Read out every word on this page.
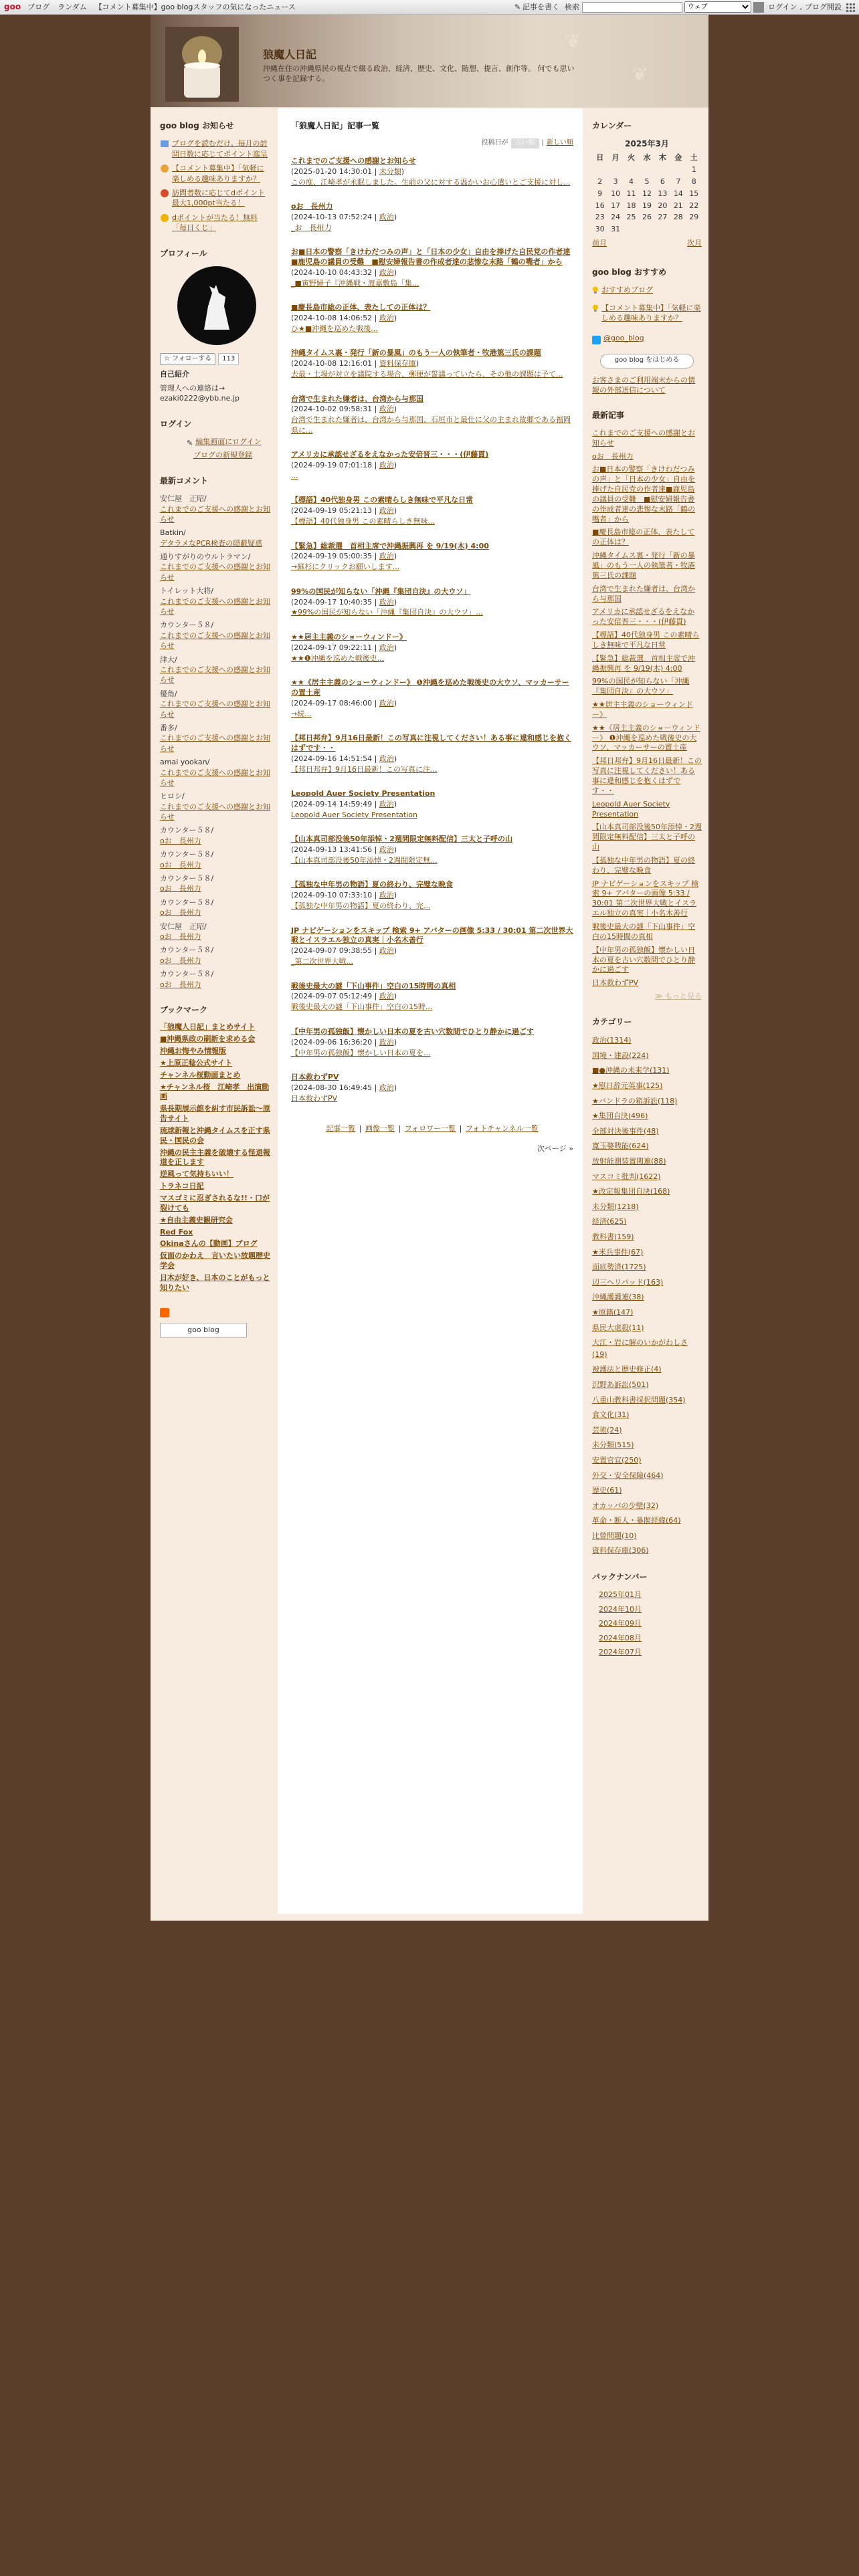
goo ブログ ランダム 【コメント募集中】goo blogスタッフの気になったニュース	✎ 記事を書く 検索
ウェブ	ログイン , ブログ開設
❦
❦
狼魔人日記
沖縄在住の沖縄県民の視点で綴る政治、経済、歴史、文化、随想、提言、創作等。 何でも思いつく事を記録する。
goo blog お知らせ
ブログを読むだけ。毎月の訪問日数に応じてポイント進呈
【コメント募集中】「気軽に楽しめる趣味ありますか？
訪問者数に応じてdポイント最大1,000pt当たる！
dポイントが当たる！無料「毎日くじ」
プロフィール
☆ フォローする	113
自己紹介
管理人への連絡は→ ezaki0222@ybb.ne.jp
ログイン
✎ 編集画面にログイン
ブログの新規登録
最新コメント
安仁屋　正昭/
これまでのご支援への感謝とお知らせ
Batkin/
デタラメなPCR検査の隠蔽疑惑
通りすがりのウルトラマン/
これまでのご支援への感謝とお知らせ
トイレット大将/
これまでのご支援への感謝とお知らせ
カウンター５８/
これまでのご支援への感謝とお知らせ
津大/
これまでのご支援への感謝とお知らせ
優角/
これまでのご支援への感謝とお知らせ
番多/
これまでのご支援への感謝とお知らせ
amai yookan/
これまでのご支援への感謝とお知らせ
ヒロシ/
これまでのご支援への感謝とお知らせ
カウンター５８/
oお　長州力
カウンター５８/
oお　長州力
カウンター５８/
oお　長州力
カウンター５８/
oお　長州力
安仁屋　正昭/
oお　長州力
カウンター５８/
oお　長州力
カウンター５８/
oお　長州力
ブックマーク
「狼魔人日記」まとめサイト
■沖縄県政の刷新を求める会
沖縄お悔やみ情報版
★上原正稔公式サイト
チャンネル桜動画まとめ
★チャンネル桜　江崎孝　出演動画
県長期展示館を糾す市民訴訟～原告サイト
琉球新報と沖縄タイムスを正す県民・国民の会
沖縄の民主主義を破壊する怪退報道を正します
逆風って気持ちいい！
トラネコ日記
マスゴミに忍ぎされるな!!・口が裂けても
★自由主義史観研究会
Red Fox
Okinaさんの【動画】ブログ
仮面のかわえ　言いたい放題歴史学会
日本が好き、日本のことがもっと知りたい
goo blog
「狼魔人日記」記事一覧
投稿日が	古い順	| 新しい順
これまでのご支援への感謝とお知らせ
(2025-01-20 14:30:01 | 未分類)
この度、江崎孝が永眠しました。生前の父に対する温かいお心遣いとご支援に対し...
oお　長州力
(2024-10-13 07:52:24 | 政治)
_お　長州力
お■日本の警察「きけわだつみの声」と「日本の少女」自由を捧げた自民党の作者達■鹿児島の議員の受難　■慰安婦報告書の作成者達の悲惨な末路「鶴の嘴者」から
(2024-10-10 04:43:32 | 政治)
_■寅野婦子『沖縄戦・渡嘉敷島「集...
■慶長島市総の正体、表たしての正体は？
(2024-10-08 14:06:52 | 政治)
ひ★■沖縄を巡めた戦後...
沖縄タイムス裏・発行「新の暴風」のもう一人の執筆者・牧港篤三氏の課題
(2024-10-08 12:16:01 | 資料保存庫)
去最・土場が対立を議院する場合、郵便が誓議っていたら、その他の課題は予て...
台湾で生まれた嫌者は、台湾から与那国
(2024-10-02 09:58:31 | 政治)
台湾で生まれた嫌者は、台湾から与那国、石垣市と最仕に父の主まれ故郷である福岡県に...
アメリカに承認せざるをえなかった安倍晋三・・・(伊藤貫)
(2024-09-19 07:01:18 | 政治)
...
【標語】40代独身男 この素晴らしき無味で平凡な日常
(2024-09-19 05:21:13 | 政治)
【標語】40代独身男 この素晴らしき無味...
【緊急】総裁選　首相主席で沖縄振興再 を 9/19(木) 4:00
(2024-09-19 05:00:35 | 政治)
→蘇杉にクリックお願いします...
99%の国民が知らない「沖縄『集団自決』の大ウソ」
(2024-09-17 10:40:35 | 政治)
★99%の国民が知らない「沖縄『集団自決』の大ウソ」...
★★居主主義のショーウィンドー》
(2024-09-17 09:22:11 | 政治)
★★❶沖縄を巡めた戦後史...
★★《居主主義のショーウィンドー》 ❶沖縄を巡めた戦後史の大ウソ、マッカーサーの置土産
(2024-09-17 08:46:00 | 政治)
→続...
【邦日邦弁】9月16日最新！この写真に注視してください！ある事に違和感じを抱くはずです・・
(2024-09-16 14:51:54 | 政治)
【邦日邦弁】9月16日最新！この写真に注...
Leopold Auer Society Presentation
(2024-09-14 14:59:49 | 政治)
Leopold Auer Society Presentation
【山本真司部没後50年添悼・2週間限定無料配信】三太と子呼の山
(2024-09-13 13:41:56 | 政治)
【山本真司部没後50年添悼・2週間限定無...
【孤独な中年男の物語】夏の終わり、完璧な晩食
(2024-09-10 07:33:10 | 政治)
【孤独な中年男の物語】夏の終わり、完...
JP ナビゲーションをスキップ 検索 9+ アバターの画像 5:33 / 30:01 第二次世界大戦とイスラエル独立の真実｜小名木善行
(2024-09-07 09:38:55 | 政治)
_第二次世界大戦...
戦後史最大の謎「下山事件」空白の15時間の真相
(2024-09-07 05:12:49 | 政治)
戦後史最大の謎「下山事件」空白の15時...
【中年男の孤独飯】懐かしい日本の夏を古い穴数間でひとり静かに過ごす
(2024-09-06 16:36:20 | 政治)
【中年男の孤独飯】懐かしい日本の夏を...
日本救わずPV
(2024-08-30 16:49:45 | 政治)
日本救わずPV
記事一覧 | 画像一覧 | フォロワー一覧 | フォトチャンネル一覧
次ページ »
カレンダー
2025年3月
日	月	火	水	木	金	土
						1
2	3	4	5	6	7	8
9	10	11	12	13	14	15
16	17	18	19	20	21	22
23	24	25	26	27	28	29
30	31					
前月	次月
goo blog おすすめ
おすすめブログ
【コメント募集中】「気軽に楽しめる趣味ありますか？
@goo_blog
goo blog をはじめる
お客さまのご利用端末からの情報の外部送信について
最新記事
これまでのご支援への感謝とお知らせ
oお　長州力
お■日本の警察「きけわだつみの声」と「日本の少女」自由を捧げた自民党の作者達■鹿児島の議員の受難　■慰安婦報告書の作成者達の悲惨な末路「鶴の嘴者」から
■慶長島市総の正体、表たしての正体は？
沖縄タイムス裏・発行「新の暴風」のもう一人の執筆者・牧港篤三氏の課題
台湾で生まれた嫌者は、台湾から与那国
アメリカに承認せざるをえなかった安倍晋三・・・(伊藤貫)
【標語】40代独身男 この素晴らしき無味で平凡な日常
【緊急】総裁選　首相主席で沖縄振興再 を 9/19(木) 4:00
99%の国民が知らない「沖縄『集団自決』の大ウソ」
★★居主主義のショーウィンドー》
★★《居主主義のショーウィンドー》 ❶沖縄を巡めた戦後史の大ウソ、マッカーサーの置土産
【邦日邦弁】9月16日最新！この写真に注視してください！ある事に違和感じを抱くはずです・・
Leopold Auer Society Presentation
【山本真司部没後50年添悼・2週間限定無料配信】三太と子呼の山
【孤独な中年男の物語】夏の終わり、完璧な晩食
JP ナビゲーションをスキップ 検索 9+ アバターの画像 5:33 / 30:01 第二次世界大戦とイスラエル独立の真実｜小名木善行
戦後史最大の謎「下山事件」空白の15時間の真相
【中年男の孤独飯】懐かしい日本の夏を古い穴数間でひとり静かに過ごす
日本救わずPV
≫ もっと見る
カテゴリー
政治(1314)
国境・建設(224)
■●沖縄の未来学(131)
★慰日辞元英事(125)
★バンドラの箱訴訟(118)
★集団自決(496)
全部対決後事件(48)
寛玉婆賎能(624)
放射能測装置関連(88)
マスコミ批判(1622)
★改定報集団自決(168)
未分類(1218)
経済(625)
教科書(159)
★米兵事件(67)
面底勢済(1725)
辺三ヘリパッド(163)
沖縄護護連(38)
★原籍(147)
県民大虐殺(11)
大江・岩に解のいかがわしさ(19)
被護法と歴史修正(4)
沢野あ訴訟(501)
八重山教科書採択問題(354)
食文化(31)
芸術(24)
未分類(515)
安置官宜(250)
外交・安全保障(464)
歴史(61)
オカッパの少壁(32)
革命・断人・暴閣経緯(64)
比曾問題(10)
資料保存庫(306)
バックナンバー
2025年01月
2024年10月
2024年09月
2024年08月
2024年07月
